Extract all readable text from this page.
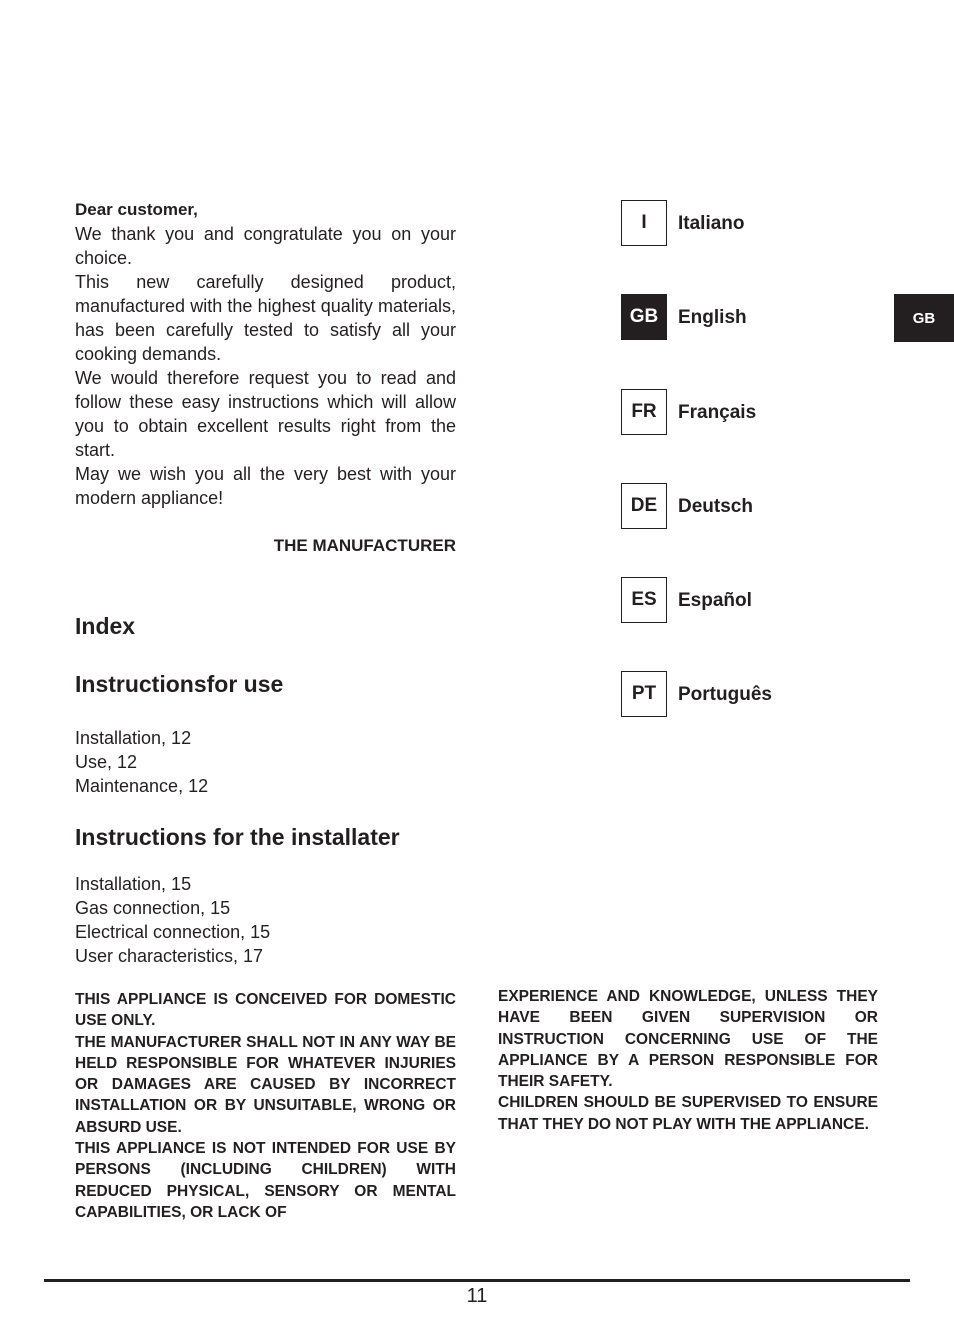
Dear customer,

We thank you and congratulate you on your choice.

This new carefully designed product, manufactured with the highest quality materials, has been carefully tested to satisfy all your cooking demands.

We would therefore request you to read and follow these easy instructions which will allow you to obtain excellent results right from the start.

May we wish you all the very best with your modern appliance!

THE MANUFACTURER
Index
Instructionsfor use
Installation, 12
Use, 12
Maintenance, 12
Instructions for the installater
Installation, 15
Gas connection, 15
Electrical connection, 15
User characteristics, 17

THIS APPLIANCE IS CONCEIVED FOR DOMESTIC USE ONLY.

THE MANUFACTURER SHALL NOT IN ANY WAY BE HELD RESPONSIBLE FOR WHATEVER INJURIES OR DAMAGES ARE CAUSED BY INCORRECT INSTALLATION OR BY UNSUITABLE, WRONG OR ABSURD USE.

THIS APPLIANCE IS NOT INTENDED FOR USE BY PERSONS (INCLUDING CHILDREN) WITH REDUCED PHYSICAL, SENSORY OR MENTAL CAPABILITIES, OR LACK OF

EXPERIENCE AND KNOWLEDGE, UNLESS THEY HAVE BEEN GIVEN SUPERVISION OR INSTRUCTION CONCERNING USE OF THE APPLIANCE BY A PERSON RESPONSIBLE FOR THEIR SAFETY.

CHILDREN SHOULD BE SUPERVISED TO ENSURE THAT THEY DO NOT PLAY WITH THE APPLIANCE.

I	Italiano
GB	English
FR	Français
DE	Deutsch
ES	Español
PT	Português
GB
11
